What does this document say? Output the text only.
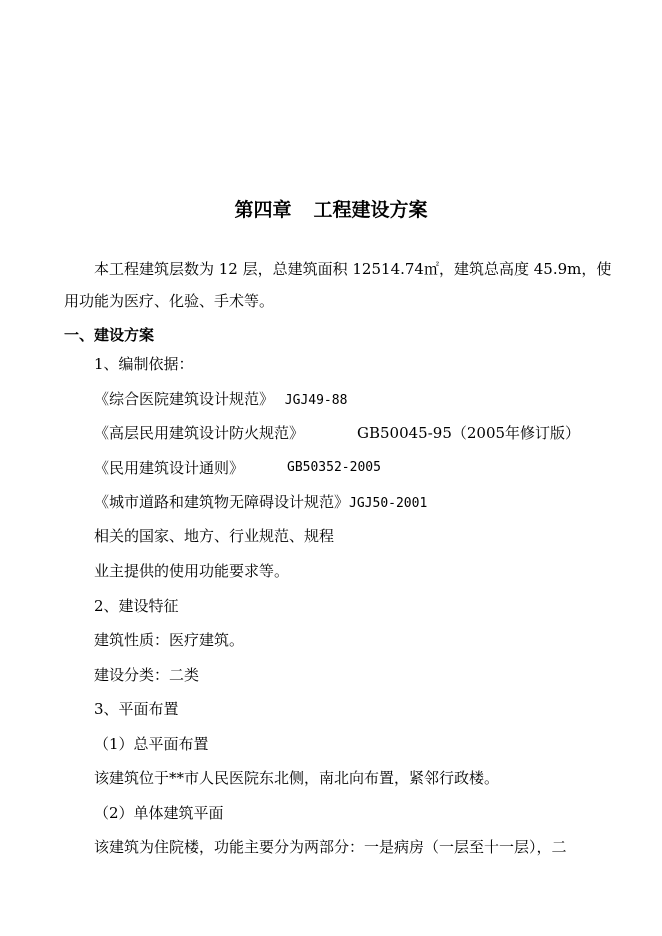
第四章 工程建设方案
本工程建筑层数为 12 层，总建筑面积 12514.74㎡，建筑总高度 45.9m，使
用功能为医疗、化验、手术等。
一、建设方案
1、编制依据：
《综合医院建筑设计规范》 JGJ49-88
《高层民用建筑设计防火规范》	GB50045-95（2005年修订版）
《民用建筑设计通则》	GB50352-2005
《城市道路和建筑物无障碍设计规范》JGJ50-2001
相关的国家、地方、行业规范、规程
业主提供的使用功能要求等。
2、建设特征
建筑性质：医疗建筑。
建设分类：二类
3、平面布置
（1）总平面布置
该建筑位于**市人民医院东北侧，南北向布置，紧邻行政楼。
（2）单体建筑平面
该建筑为住院楼，功能主要分为两部分：一是病房（一层至十一层），二
